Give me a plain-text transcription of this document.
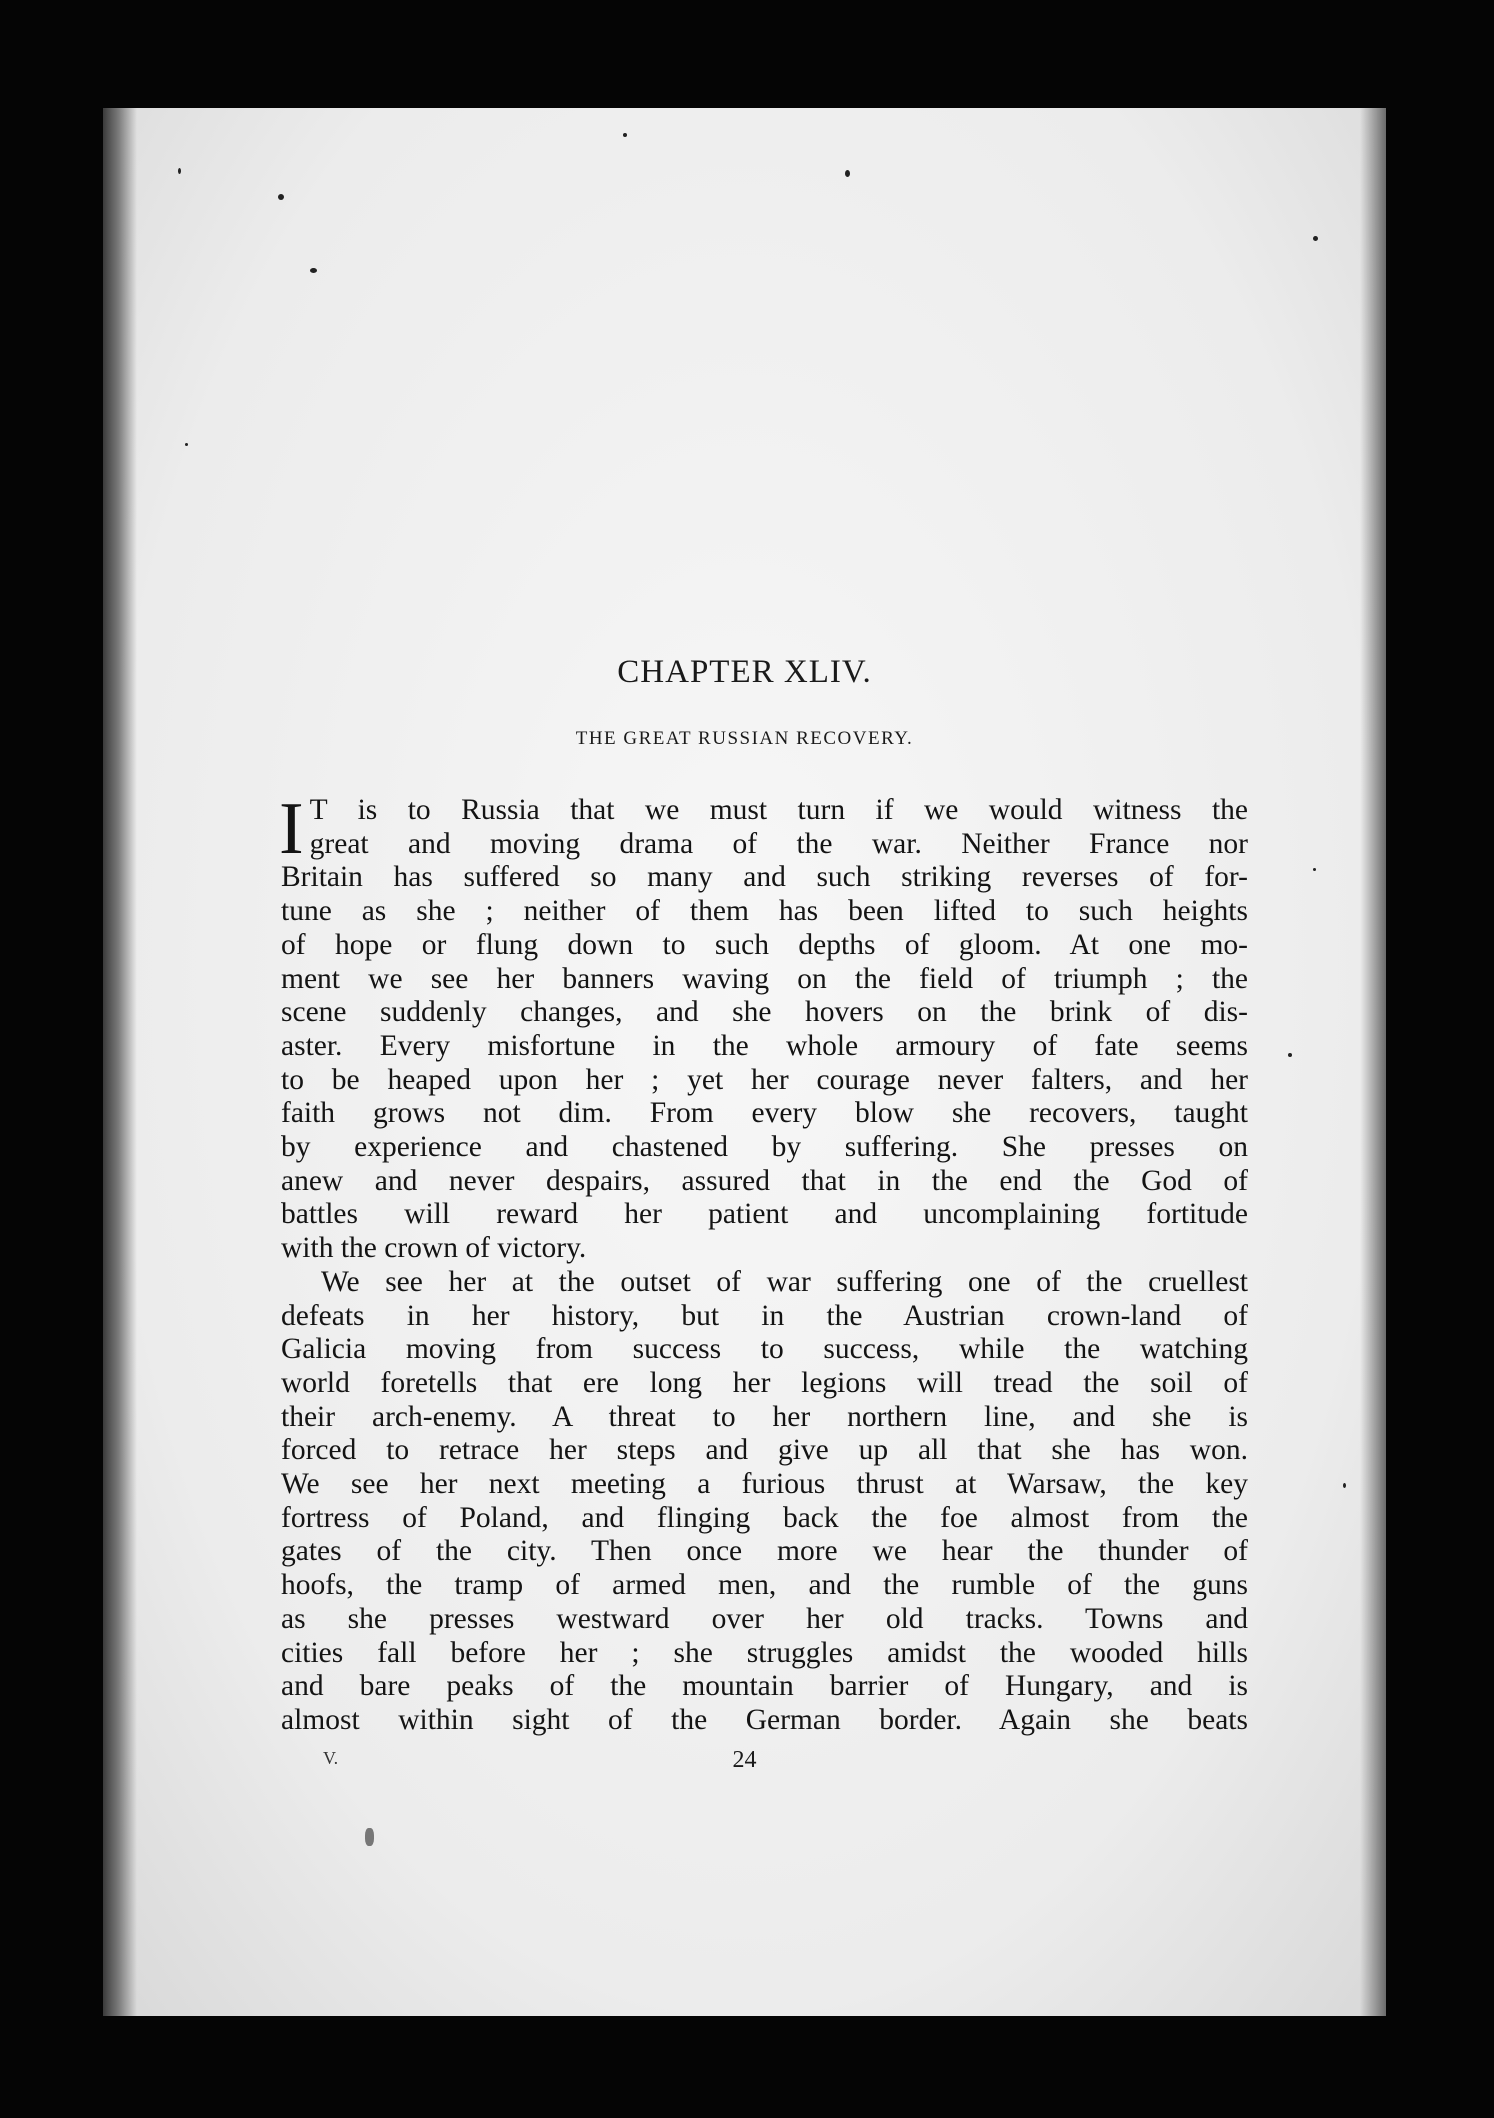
CHAPTER XLIV.
THE GREAT RUSSIAN RECOVERY.
I T is to Russia that we must turn if we would witness the

great and moving drama of the war. Neither France nor

Britain has suffered so many and such striking reverses of for-

tune as she ; neither of them has been lifted to such heights

of hope or flung down to such depths of gloom. At one mo-

ment we see her banners waving on the field of triumph ; the

scene suddenly changes, and she hovers on the brink of dis-

aster. Every misfortune in the whole armoury of fate seems

to be heaped upon her ; yet her courage never falters, and her

faith grows not dim. From every blow she recovers, taught

by experience and chastened by suffering. She presses on

anew and never despairs, assured that in the end the God of

battles will reward her patient and uncomplaining fortitude

with the crown of victory.

We see her at the outset of war suffering one of the cruellest

defeats in her history, but in the Austrian crown-land of

Galicia moving from success to success, while the watching

world foretells that ere long her legions will tread the soil of

their arch-enemy. A threat to her northern line, and she is

forced to retrace her steps and give up all that she has won.

We see her next meeting a furious thrust at Warsaw, the key

fortress of Poland, and flinging back the foe almost from the

gates of the city. Then once more we hear the thunder of

hoofs, the tramp of armed men, and the rumble of the guns

as she presses westward over her old tracks. Towns and

cities fall before her ; she struggles amidst the wooded hills

and bare peaks of the mountain barrier of Hungary, and is

almost within sight of the German border. Again she beats

V.	24
